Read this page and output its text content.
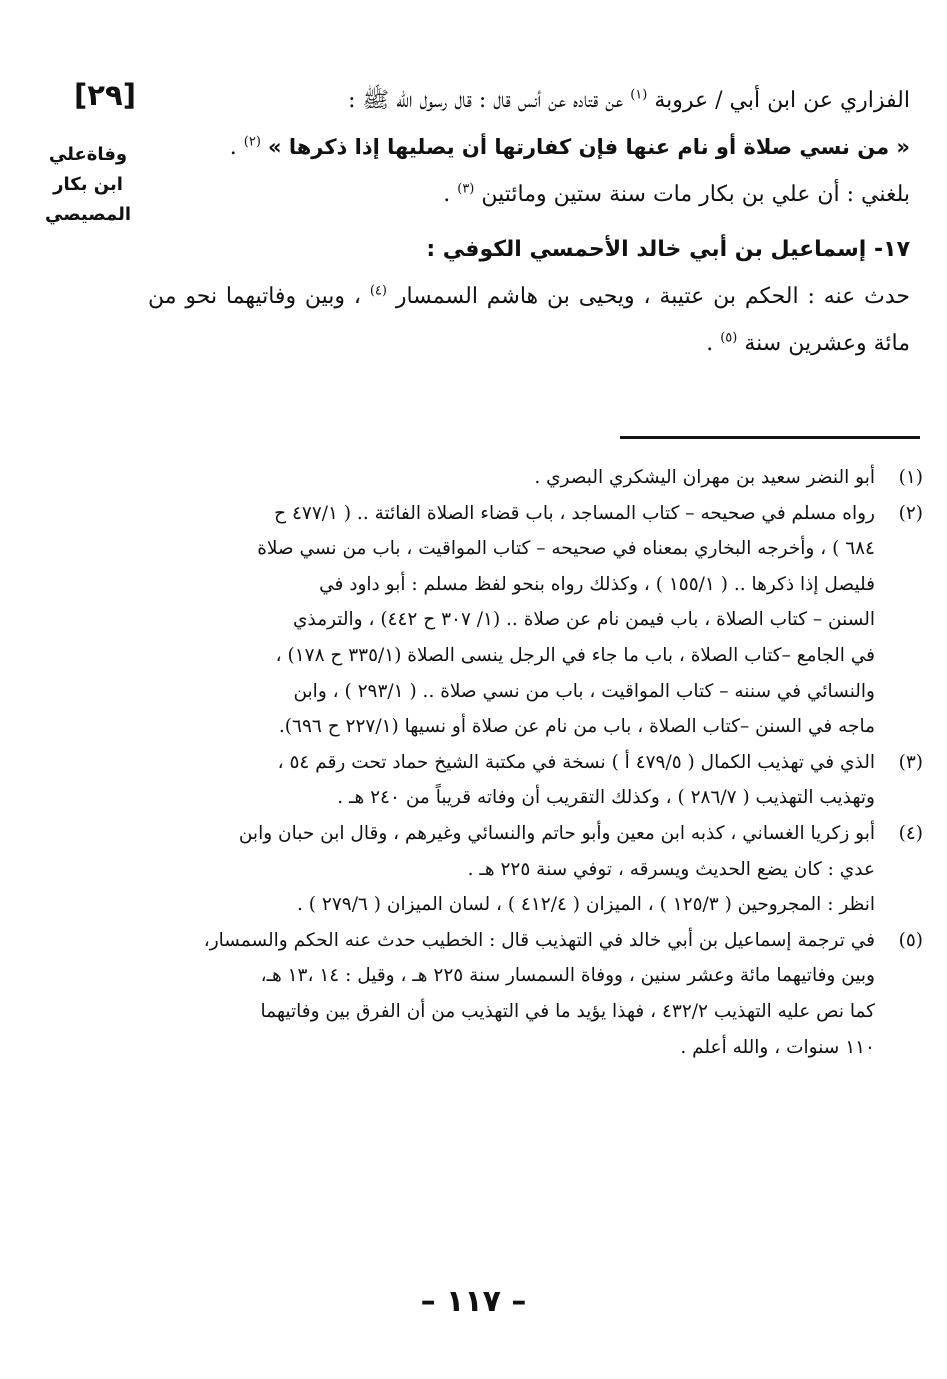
[٢٩]
وفاةعلي
ابن بكار
المصيصي

الفزاري عن ابن أبي / عروبة $^{(١)}$ عن قتاده عن أنس قال : قال رسول الله ﷺ :

« من نسي صلاة أو نام عنها فإن كفارتها أن يصليها إذا ذكرها » $^{(٢)}$ .

بلغني : أن علي بن بكار مات سنة ستين ومائتين $^{(٣)}$ .

١٧- إسماعيل بن أبي خالد الأحمسي الكوفي :

حدث عنه : الحكم بن عتيبة ، ويحيى بن هاشم السمسار $^{(٤)}$ ، وبين وفاتيهما نحو من مائة وعشرين سنة $^{(٥)}$ .

(١)
أبو النضر سعيد بن مهران اليشكري البصري .
(٢)
رواه مسلم في صحيحه – كتاب المساجد ، باب قضاء الصلاة الفائتة .. ( ٤٧٧/١ ح
٦٨٤ ) ، وأخرجه البخاري بمعناه في صحيحه – كتاب المواقيت ، باب من نسي صلاة
فليصل إذا ذكرها .. ( ١٥٥/١ ) ، وكذلك رواه بنحو لفظ مسلم : أبو داود في
السنن – كتاب الصلاة ، باب فيمن نام عن صلاة .. (١/ ٣٠٧ ح ٤٤٢) ، والترمذي
في الجامع –كتاب الصلاة ، باب ما جاء في الرجل ينسى الصلاة (٣٣٥/١ ح ١٧٨) ،
والنسائي في سننه – كتاب المواقيت ، باب من نسي صلاة .. ( ٢٩٣/١ ) ، وابن
ماجه في السنن –كتاب الصلاة ، باب من نام عن صلاة أو نسيها (٢٢٧/١ ح ٦٩٦).
(٣)
الذي في تهذيب الكمال ( ٤٧٩/٥ أ ) نسخة في مكتبة الشيخ حماد تحت رقم ٥٤ ،
وتهذيب التهذيب ( ٢٨٦/٧ ) ، وكذلك التقريب أن وفاته قريباً من ٢٤٠ هـ .
(٤)
أبو زكريا الغساني ، كذبه ابن معين وأبو حاتم والنسائي وغيرهم ، وقال ابن حبان وابن
عدي : كان يضع الحديث ويسرقه ، توفي سنة ٢٢٥ هـ .
انظر : المجروحين ( ١٢٥/٣ ) ، الميزان ( ٤١٢/٤ ) ، لسان الميزان ( ٢٧٩/٦ ) .
(٥)
في ترجمة إسماعيل بن أبي خالد في التهذيب قال : الخطيب حدث عنه الحكم والسمسار،
وبين وفاتيهما مائة وعشر سنين ، ووفاة السمسار سنة ٢٢٥ هـ ، وقيل : ١٤ ،١٣ هـ،
كما نص عليه التهذيب ٤٣٢/٢ ، فهذا يؤيد ما في التهذيب من أن الفرق بين وفاتيهما
١١٠ سنوات ، والله أعلم .
– ١١٧ –
